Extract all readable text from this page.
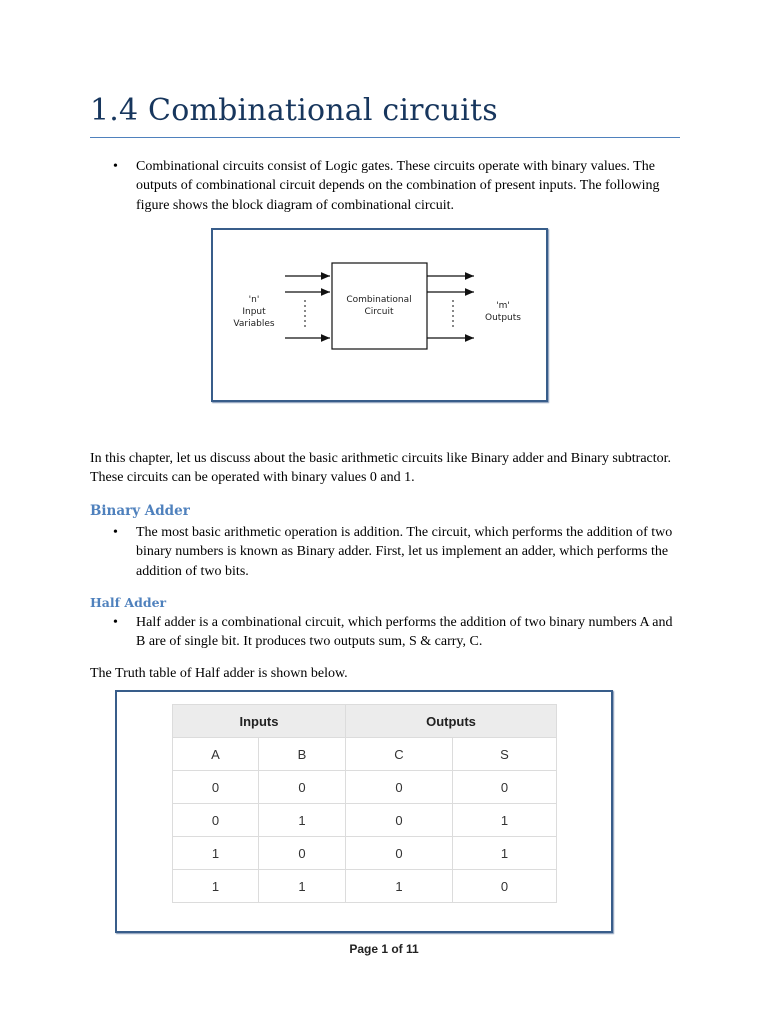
1.4 Combinational circuits
• Combinational circuits consist of Logic gates. These circuits operate with binary values. The outputs of combinational circuit depends on the combination of present inputs. The following figure shows the block diagram of combinational circuit.
'n'
Input
Variables
Combinational
Circuit
'm'
Outputs

In this chapter, let us discuss about the basic arithmetic circuits like Binary adder and Binary subtractor. These circuits can be operated with binary values 0 and 1.

Binary Adder
• The most basic arithmetic operation is addition. The circuit, which performs the addition of two binary numbers is known as Binary adder. First, let us implement an adder, which performs the addition of two bits.
Half Adder
• Half adder is a combinational circuit, which performs the addition of two binary numbers A and B are of single bit. It produces two outputs sum, S & carry, C.

The Truth table of Half adder is shown below.

Inputs		Outputs	
A	B	C	S
0	0	0	0
0	1	0	1
1	0	0	1
1	1	1	0
Page 1 of 11
